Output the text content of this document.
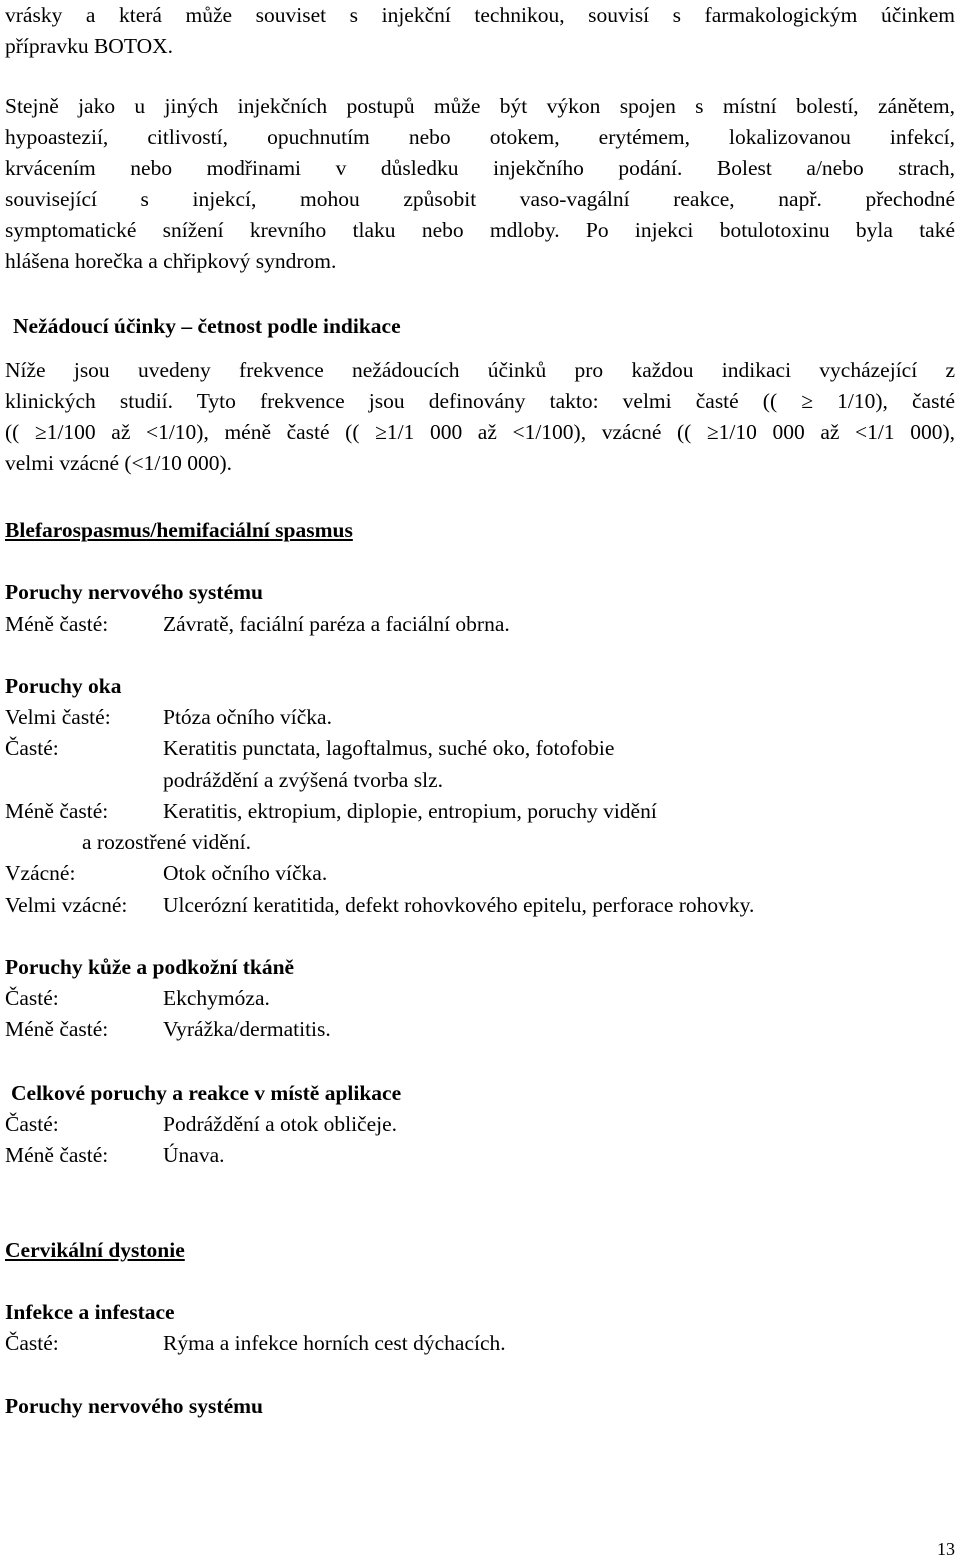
vrásky a která může souviset s injekční technikou, souvisí s farmakologickým účinkem
přípravku BOTOX.
Stejně jako u jiných injekčních postupů může být výkon spojen s místní bolestí, zánětem,
hypoastezií, citlivostí, opuchnutím nebo otokem, erytémem, lokalizovanou infekcí,
krvácením nebo modřinami v důsledku injekčního podání. Bolest a/nebo strach,
související s injekcí, mohou způsobit vaso-vagální reakce, např. přechodné
symptomatické snížení krevního tlaku nebo mdloby. Po injekci botulotoxinu byla také
hlášena horečka a chřipkový syndrom.
Nežádoucí účinky – četnost podle indikace
Níže jsou uvedeny frekvence nežádoucích účinků pro každou indikaci vycházející z
klinických studií. Tyto frekvence jsou definovány takto: velmi časté (( ≥ 1/10), časté
(( ≥1/100 až <1/10), méně časté (( ≥1/1 000 až <1/100), vzácné (( ≥1/10 000 až <1/1 000),
velmi vzácné (<1/10 000).
Blefarospasmus/hemifaciální spasmus
Poruchy nervového systému
Méně časté:	Závratě, faciální paréza a faciální obrna.
Poruchy oka
Velmi časté: Ptóza očního víčka.
Časté:	Keratitis punctata, lagoftalmus, suché oko, fotofobie
podráždění a zvýšená tvorba slz.
Méně časté:	Keratitis, ektropium, diplopie, entropium, poruchy vidění
a rozostřené vidění.
Vzácné:	Otok očního víčka.
Velmi vzácné: Ulcerózní keratitida, defekt rohovkového epitelu, perforace rohovky.
Poruchy kůže a podkožní tkáně
Časté:	Ekchymóza.
Méně časté:	Vyrážka/dermatitis.
Celkové poruchy a reakce v místě aplikace
Časté:	Podráždění a otok obličeje.
Méně časté:	Únava.
Cervikální dystonie
Infekce a infestace
Časté:	Rýma a infekce horních cest dýchacích.
Poruchy nervového systému
13
